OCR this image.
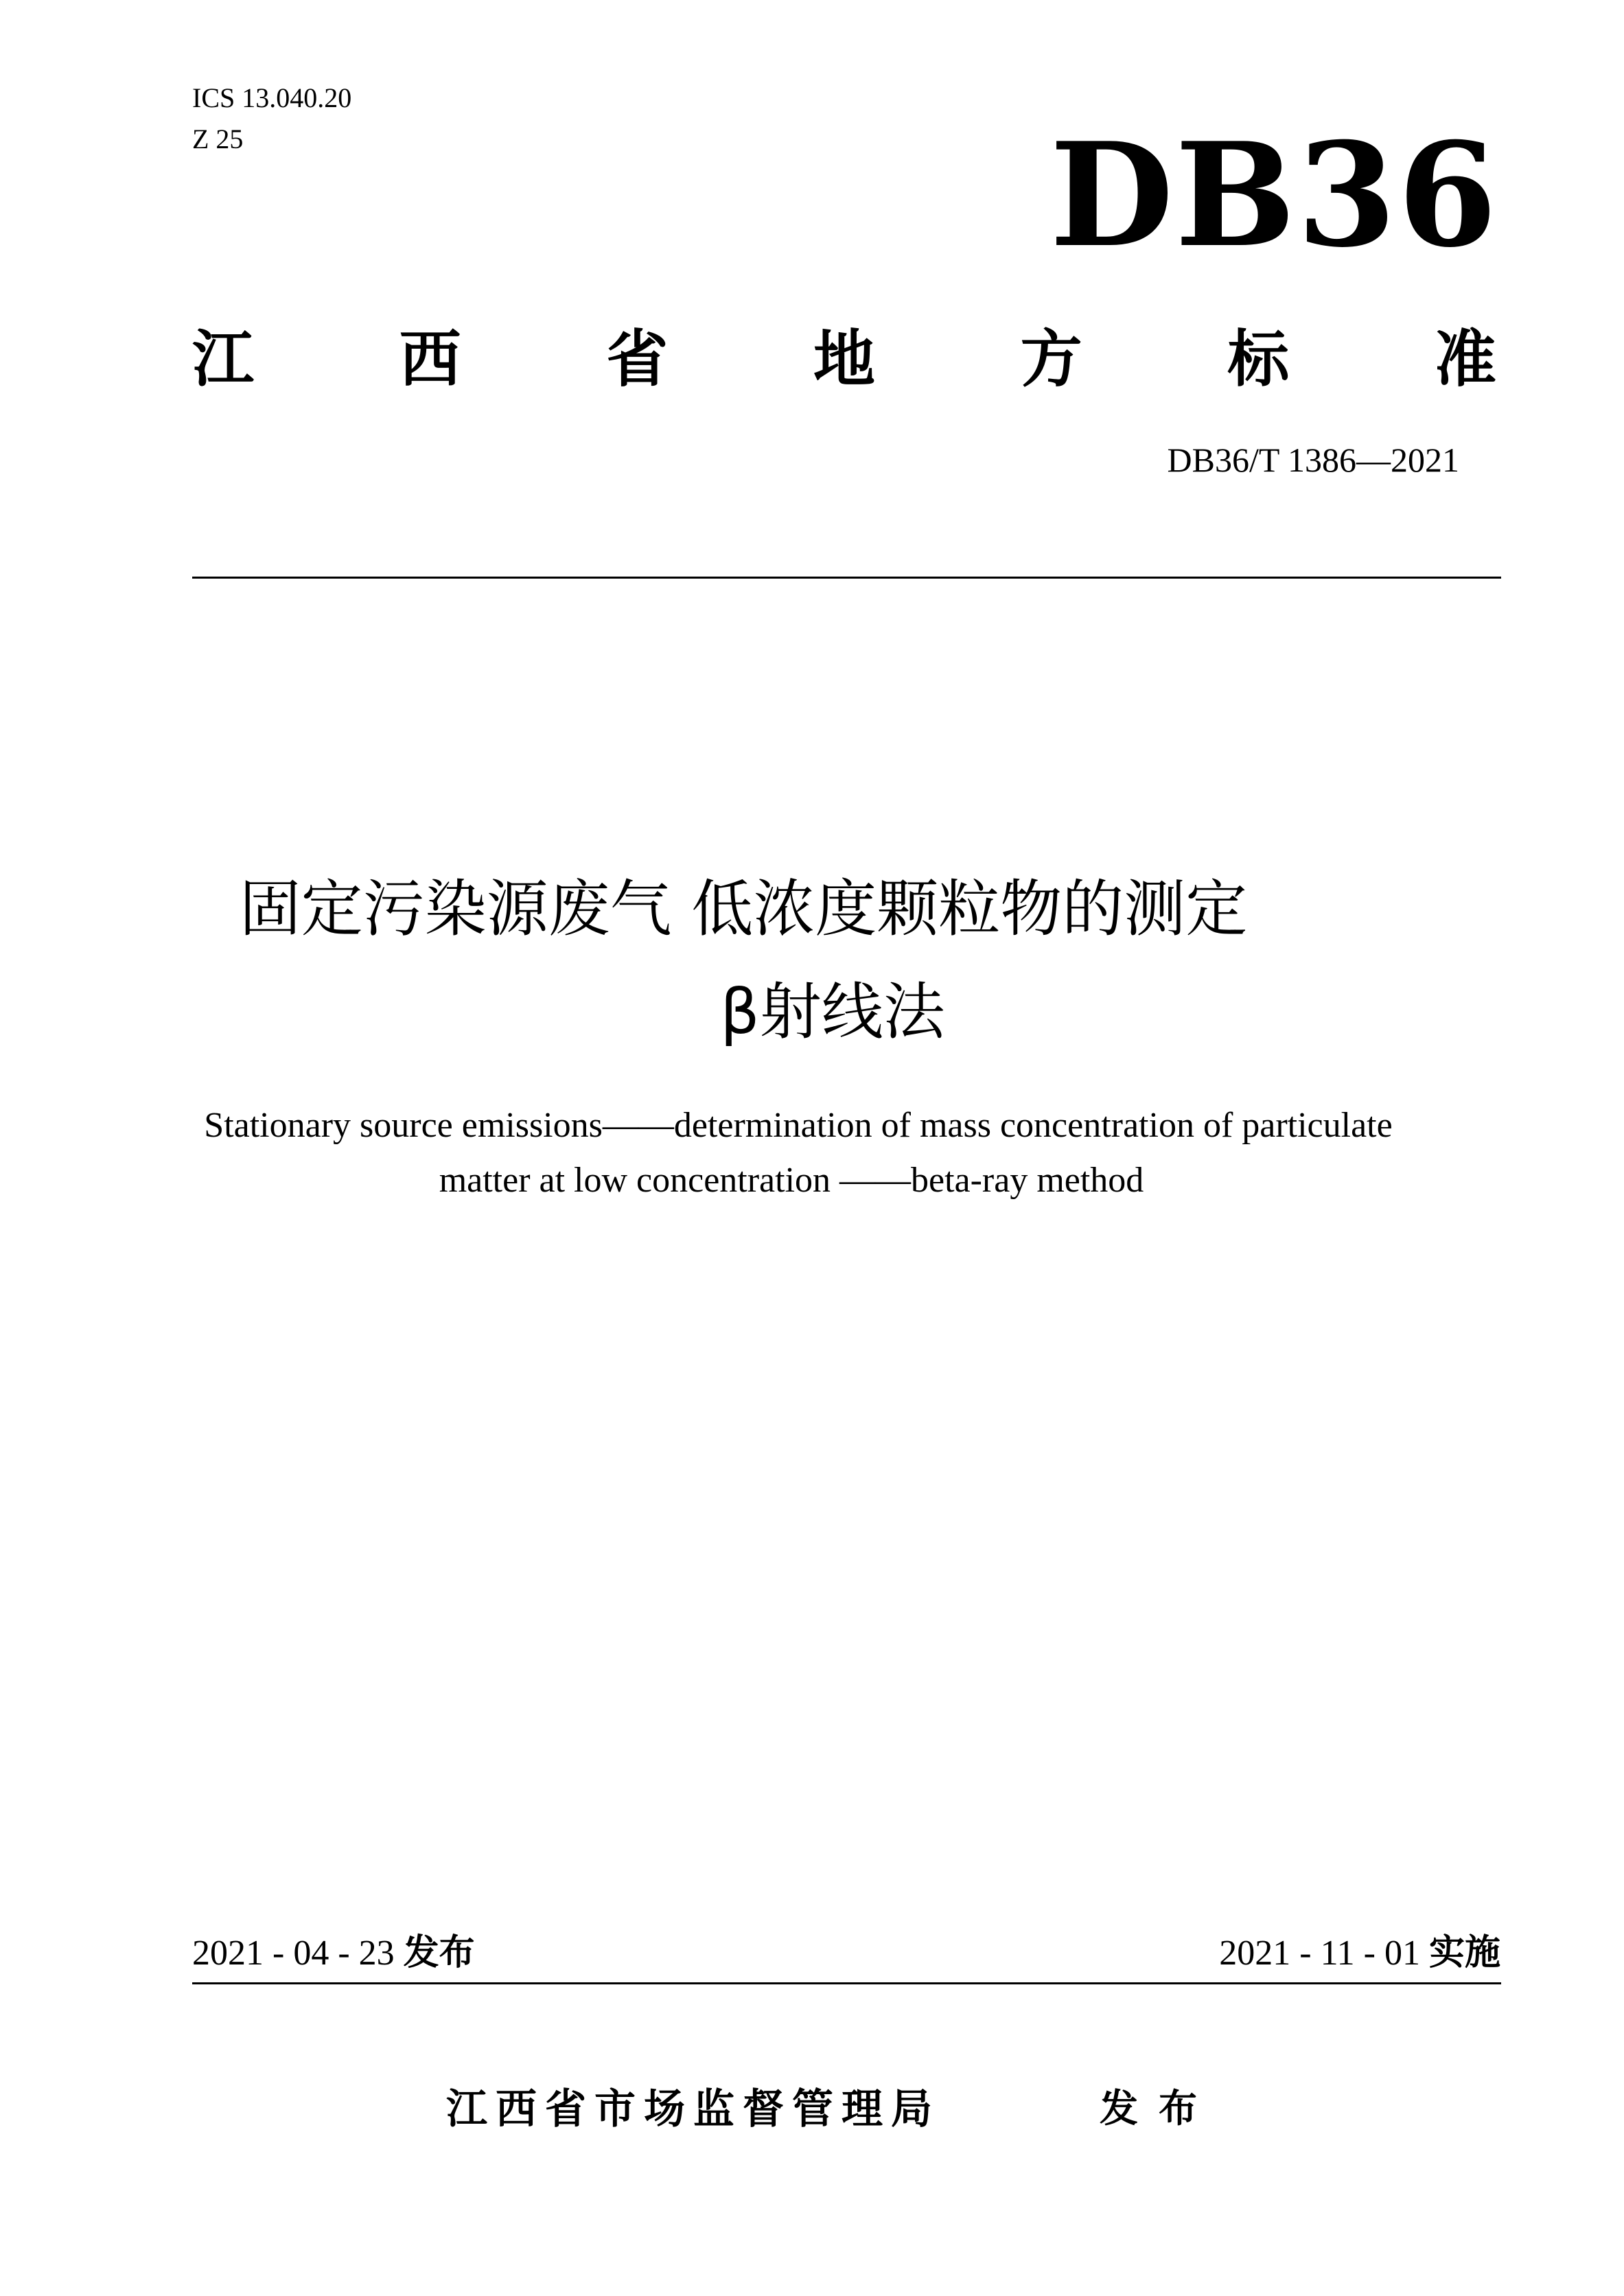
ICS 13.040.20
Z 25	DB36
江 西 省 地 方 标 准
DB36/T 1386—2021
固定污染源废气 低浓度颗粒物的测定
β射线法
Stationary source emissions——determination of mass concentration of particulate
matter at low concentration ——beta-ray method
2021 - 04 - 23 发布	2021 - 11 - 01 实施
江西省市场监督管理局	发布
